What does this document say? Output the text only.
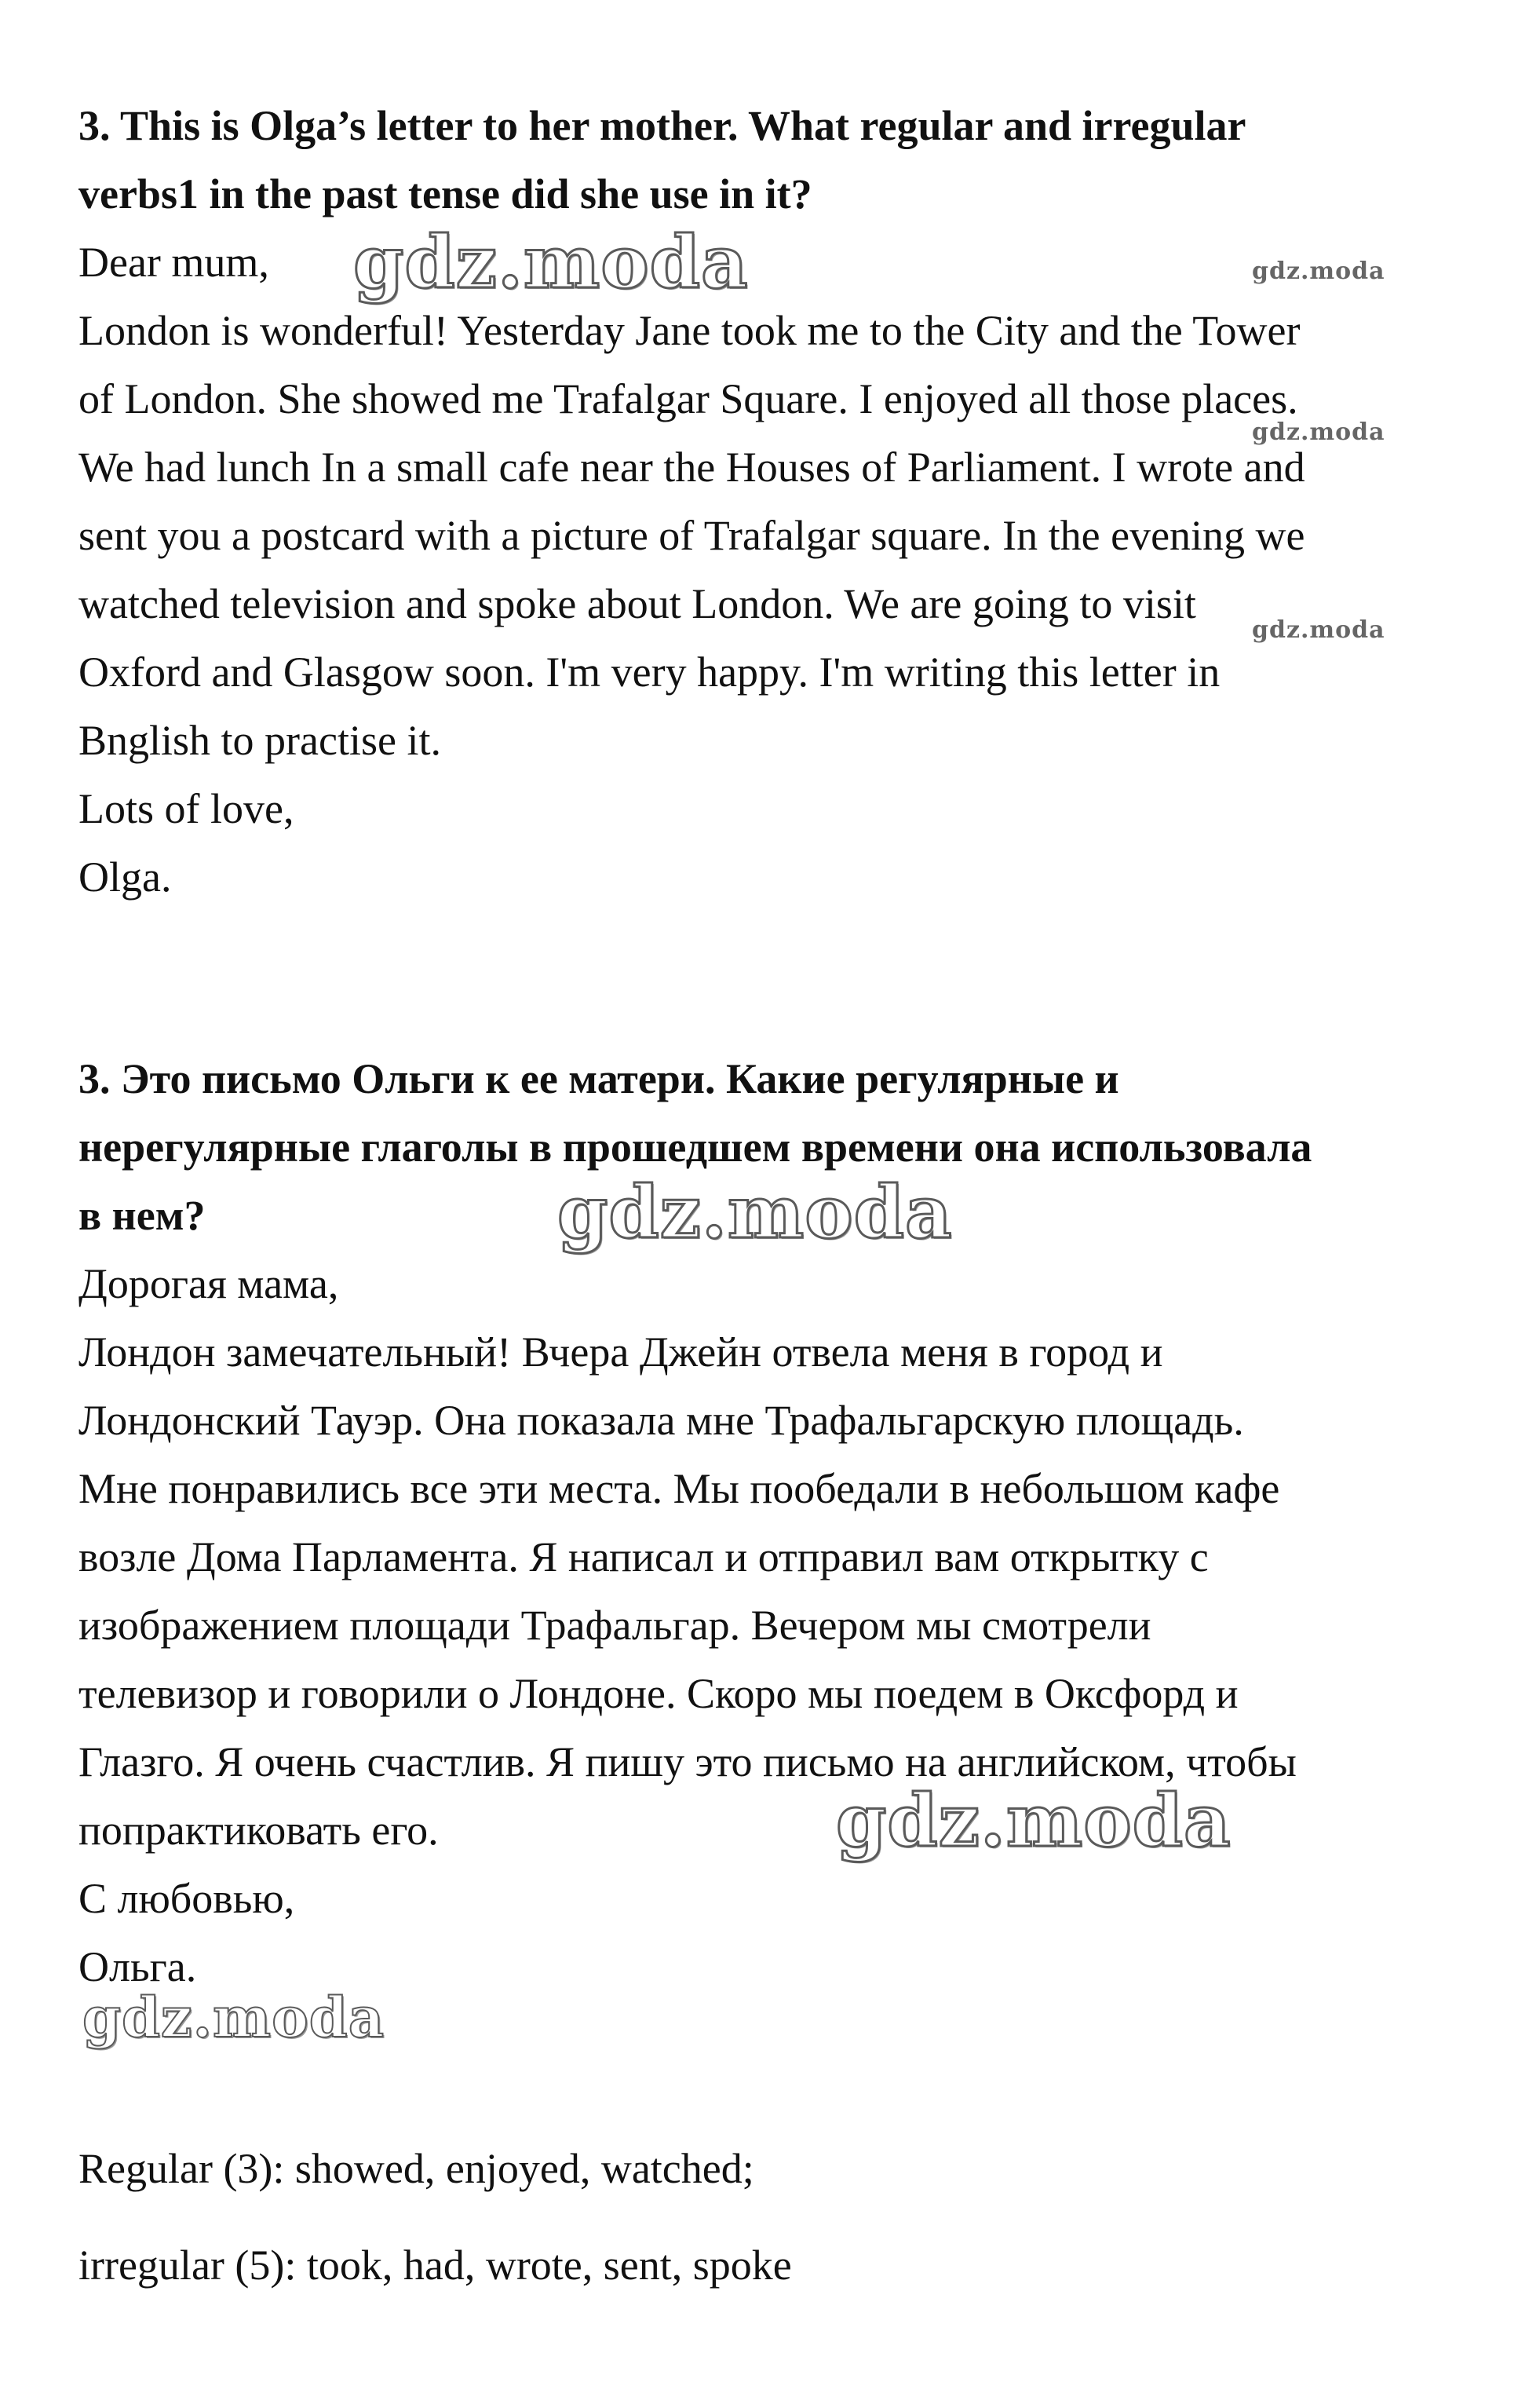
3. This is Olga’s letter to her mother. What regular and irregular
verbs1 in the past tense did she use in it?
Dear mum,
London is wonderful! Yesterday Jane took me to the City and the Tower
of London. She showed me Trafalgar Square. I enjoyed all those places.
We had lunch In a small cafe near the Houses of Parliament. I wrote and
sent you a postcard with a picture of Trafalgar square. In the evening we
watched television and spoke about London. We are going to visit
Oxford and Glasgow soon. I'm very happy. I'm writing this letter in
Bnglish to practise it.
Lots of love,
Olga.
3. Это письмо Ольги к ее матери. Какие регулярные и
нерегулярные глаголы в прошедшем времени она использовала
в нем?
Дорогая мама,
Лондон замечательный! Вчера Джейн отвела меня в город и
Лондонский Тауэр. Она показала мне Трафальгарскую площадь.
Мне понравились все эти места. Мы пообедали в небольшом кафе
возле Дома Парламента. Я написал и отправил вам открытку с
изображением площади Трафальгар. Вечером мы смотрели
телевизор и говорили о Лондоне. Скоро мы поедем в Оксфорд и
Глазго. Я очень счастлив. Я пишу это письмо на английском, чтобы
попрактиковать его.
С любовью,
Ольга.
Regular (3): showed, enjoyed, watched;
irregular (5): took, had, wrote, sent, spoke
gdz.moda	gdz.moda
gdz.moda
gdz.moda
gdz.moda
gdz.moda
gdz.moda
